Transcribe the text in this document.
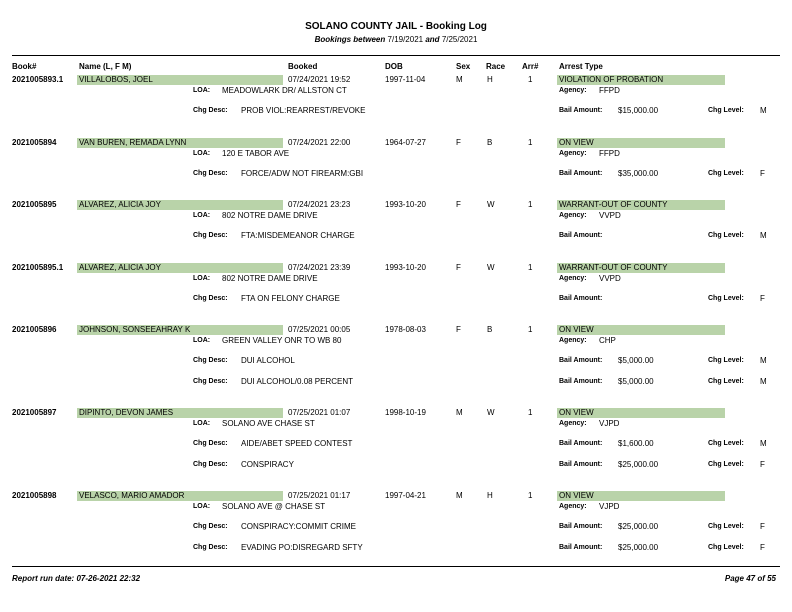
SOLANO COUNTY JAIL - Booking Log
Bookings between 7/19/2021 and 7/25/2021
Book#	Name (L, F M)	Booked	DOB	Sex Race Arr#	Arrest Type
2021005893.1 VILLALOBOS, JOEL	07/24/2021 19:52	1997-11-04	M	H	1	VIOLATION OF PROBATION
LOA: MEADOWLARK DR/ ALLSTON CT	Agency: FFPD
Chg Desc: PROB VIOL:REARREST/REVOKE	Bail Amount: $15,000.00	Chg Level: M
2021005894	VAN BUREN, REMADA LYNN	07/24/2021 22:00	1964-07-27	F	B	1	ON VIEW
LOA: 120 E TABOR AVE	Agency: FFPD
Chg Desc: FORCE/ADW NOT FIREARM:GBI	Bail Amount: $35,000.00	Chg Level: F
2021005895	ALVAREZ, ALICIA JOY	07/24/2021 23:23	1993-10-20	F	W	1	WARRANT-OUT OF COUNTY
LOA: 802 NOTRE DAME DRIVE	Agency: VVPD
Chg Desc: FTA:MISDEMEANOR CHARGE	Bail Amount:	Chg Level: M
2021005895.1 ALVAREZ, ALICIA JOY	07/24/2021 23:39	1993-10-20	F	W	1	WARRANT-OUT OF COUNTY
LOA: 802 NOTRE DAME DRIVE	Agency: VVPD
Chg Desc: FTA ON FELONY CHARGE	Bail Amount:	Chg Level: F
2021005896	JOHNSON, SONSEEAHRAY K	07/25/2021 00:05	1978-08-03	F	B	1	ON VIEW
LOA: GREEN VALLEY ONR TO WB 80	Agency: CHP
Chg Desc: DUI ALCOHOL	Bail Amount: $5,000.00	Chg Level: M
Chg Desc: DUI ALCOHOL/0.08 PERCENT	Bail Amount: $5,000.00	Chg Level: M
2021005897	DIPINTO, DEVON JAMES	07/25/2021 01:07	1998-10-19	M	W	1	ON VIEW
LOA: SOLANO AVE CHASE ST	Agency: VJPD
Chg Desc: AIDE/ABET SPEED CONTEST	Bail Amount: $1,600.00	Chg Level: M
Chg Desc: CONSPIRACY	Bail Amount: $25,000.00	Chg Level: F
2021005898	VELASCO, MARIO AMADOR	07/25/2021 01:17	1997-04-21	M	H	1	ON VIEW
LOA: SOLANO AVE @ CHASE ST	Agency: VJPD
Chg Desc: CONSPIRACY:COMMIT CRIME	Bail Amount: $25,000.00	Chg Level: F
Chg Desc: EVADING PO:DISREGARD SFTY	Bail Amount: $25,000.00	Chg Level: F
Report run date: 07-26-2021 22:32	Page 47 of 55
